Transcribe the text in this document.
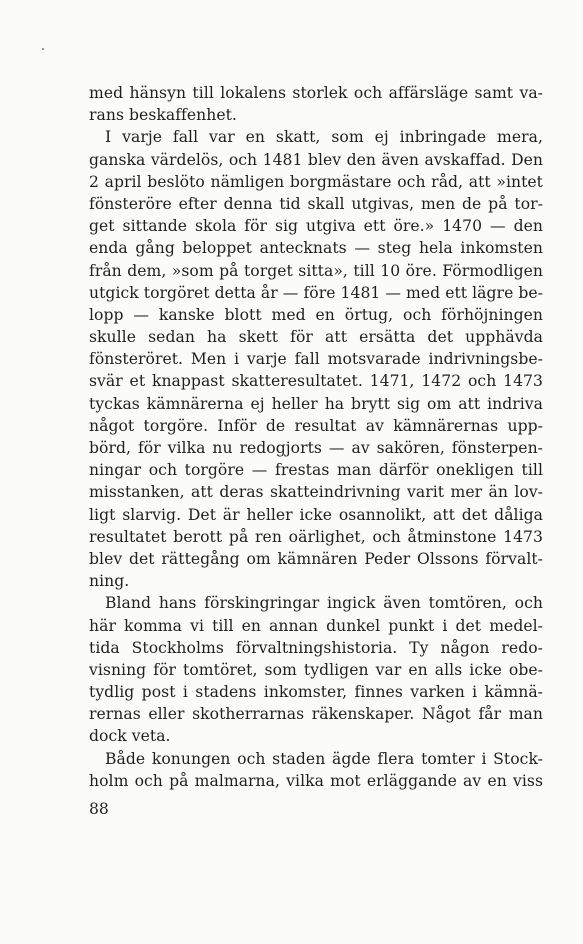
med hänsyn till lokalens storlek och affärsläge samt va-
rans beskaffenhet.
I varje fall var en skatt, som ej inbringade mera,
ganska värdelös, och 1481 blev den även avskaffad. Den
2 april beslöto nämligen borgmästare och råd, att »intet
fönsteröre efter denna tid skall utgivas, men de på tor-
get sittande skola för sig utgiva ett öre.» 1470 — den
enda gång beloppet antecknats — steg hela inkomsten
från dem, »som på torget sitta», till 10 öre. Förmodligen
utgick torgöret detta år — före 1481 — med ett lägre be-
lopp — kanske blott med en örtug, och förhöjningen
skulle sedan ha skett för att ersätta det upphävda
fönsteröret. Men i varje fall motsvarade indrivningsbe-
svär et knappast skatteresultatet. 1471, 1472 och 1473
tyckas kämnärerna ej heller ha brytt sig om att indriva
något torgöre. Inför de resultat av kämnärernas upp-
börd, för vilka nu redogjorts — av sakören, fönsterpen-
ningar och torgöre — frestas man därför onekligen till
misstanken, att deras skatteindrivning varit mer än lov-
ligt slarvig. Det är heller icke osannolikt, att det dåliga
resultatet berott på ren oärlighet, och åtminstone 1473
blev det rättegång om kämnären Peder Olssons förvalt-
ning.
Bland hans förskingringar ingick även tomtören, och
här komma vi till en annan dunkel punkt i det medel-
tida Stockholms förvaltningshistoria. Ty någon redo-
visning för tomtöret, som tydligen var en alls icke obe-
tydlig post i stadens inkomster, finnes varken i kämnä-
rernas eller skotherrarnas räkenskaper. Något får man
dock veta.
Både konungen och staden ägde flera tomter i Stock-
holm och på malmarna, vilka mot erläggande av en viss
88
